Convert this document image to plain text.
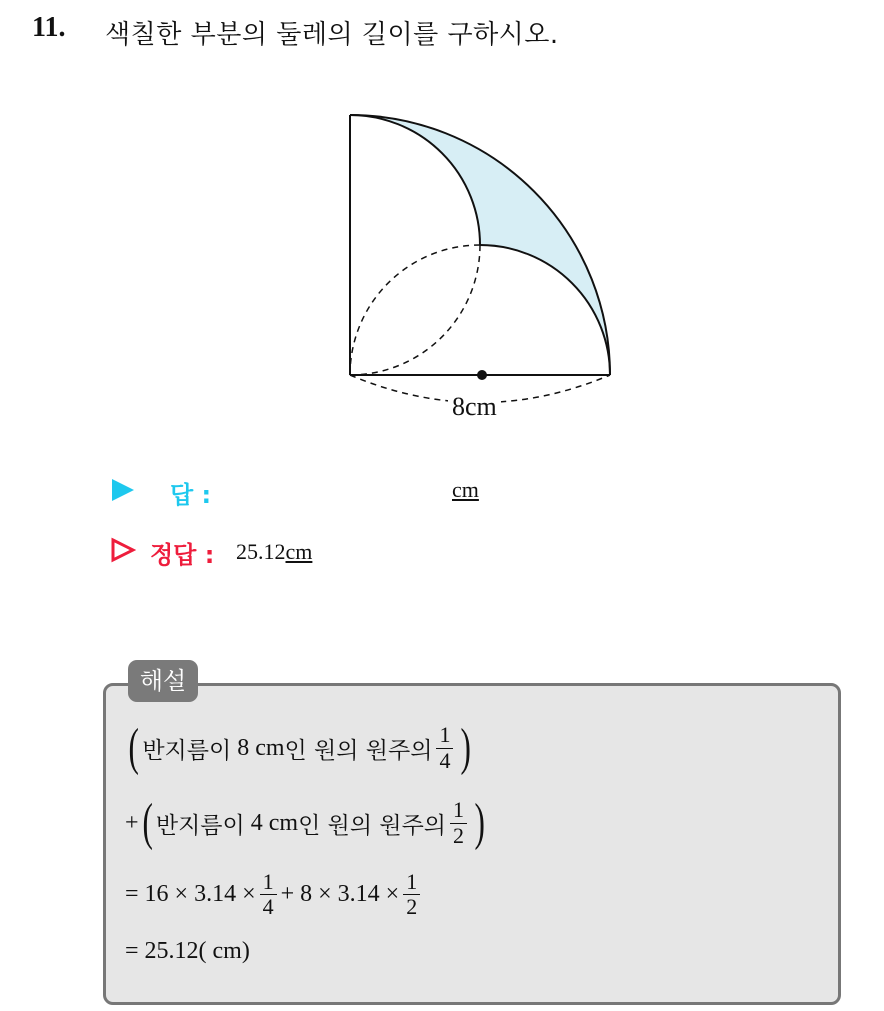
11. 색칠한 부분의 둘레의 길이를 구하시오.
8cm
답 :	cm
정답 : 25.12cm
해설
( 반지름이 8 cm 인 원의 원주의 $\frac{1}{4}$ )
+ ( 반지름이 4 cm 인 원의 원주의 $\frac{1}{2}$ )
= $16 \times 3.14 \times \frac{1}{4} + 8 \times 3.14 \times \frac{1}{2}$
= 25.12( cm)
